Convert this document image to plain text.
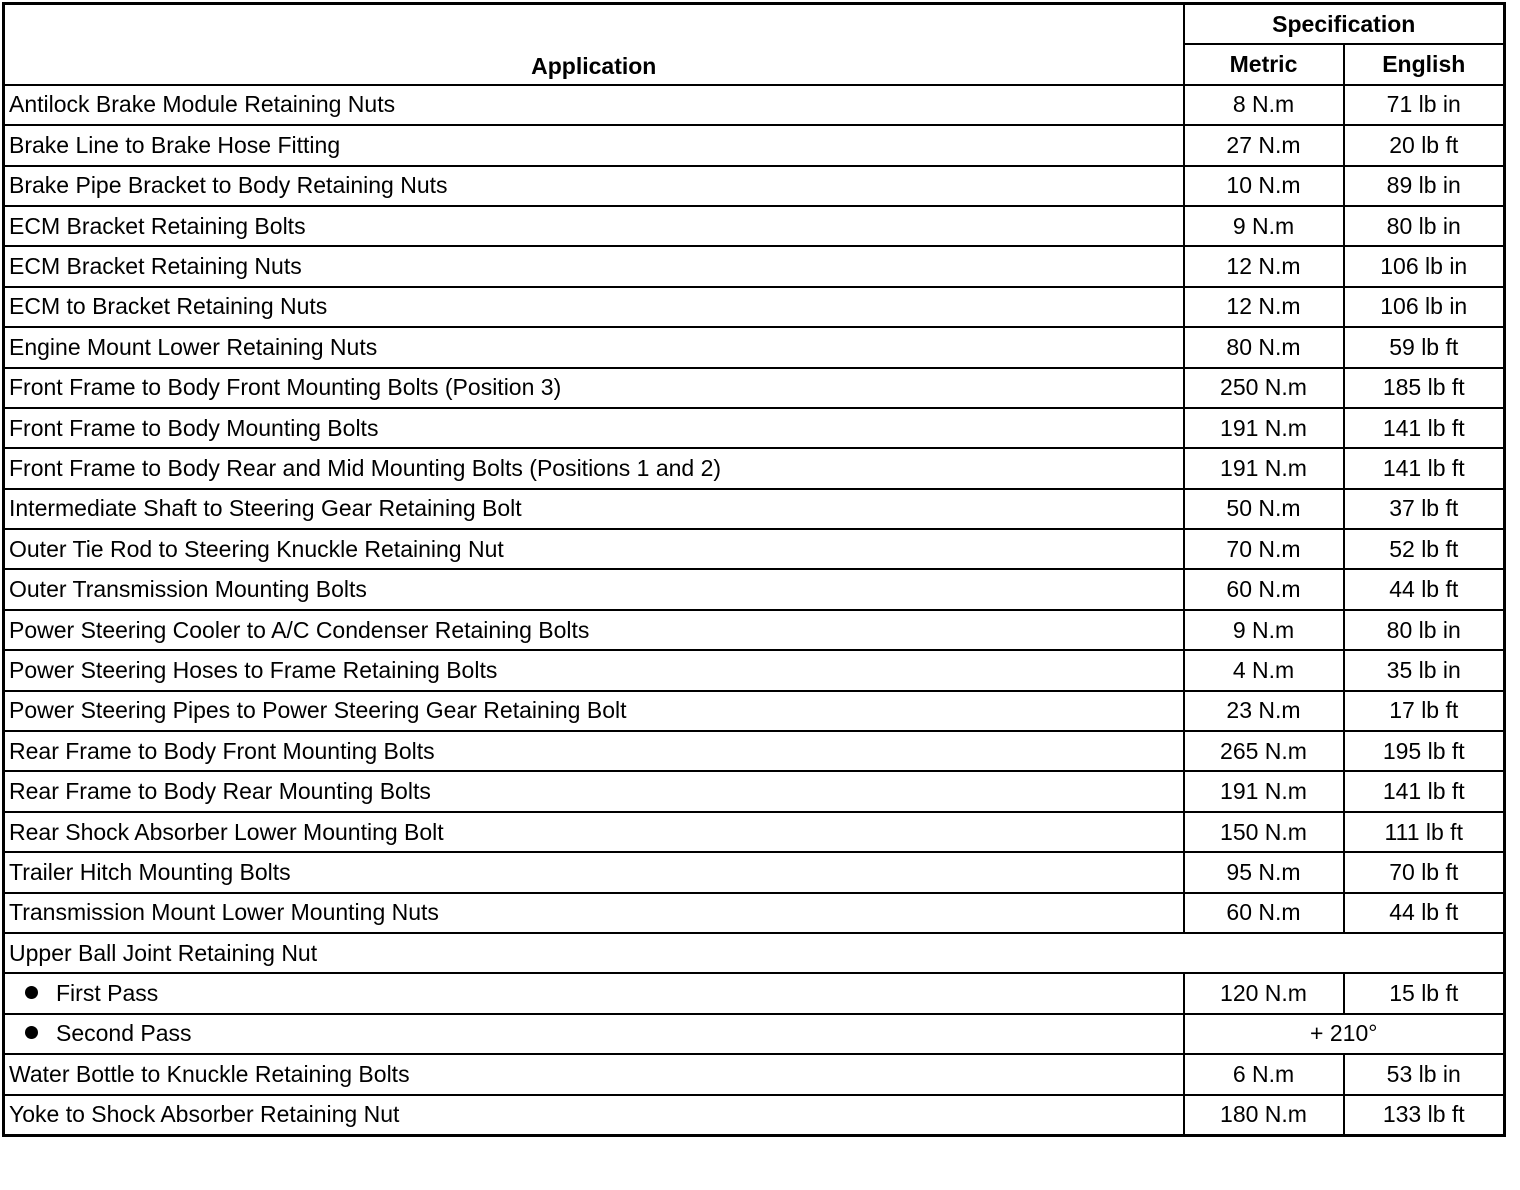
Application	Specification	
	Metric	English
Antilock Brake Module Retaining Nuts	8 N.m	71 lb in
Brake Line to Brake Hose Fitting	27 N.m	20 lb ft
Brake Pipe Bracket to Body Retaining Nuts	10 N.m	89 lb in
ECM Bracket Retaining Bolts	9 N.m	80 lb in
ECM Bracket Retaining Nuts	12 N.m	106 lb in
ECM to Bracket Retaining Nuts	12 N.m	106 lb in
Engine Mount Lower Retaining Nuts	80 N.m	59 lb ft
Front Frame to Body Front Mounting Bolts (Position 3)	250 N.m	185 lb ft
Front Frame to Body Mounting Bolts	191 N.m	141 lb ft
Front Frame to Body Rear and Mid Mounting Bolts (Positions 1 and 2)	191 N.m	141 lb ft
Intermediate Shaft to Steering Gear Retaining Bolt	50 N.m	37 lb ft
Outer Tie Rod to Steering Knuckle Retaining Nut	70 N.m	52 lb ft
Outer Transmission Mounting Bolts	60 N.m	44 lb ft
Power Steering Cooler to A/C Condenser Retaining Bolts	9 N.m	80 lb in
Power Steering Hoses to Frame Retaining Bolts	4 N.m	35 lb in
Power Steering Pipes to Power Steering Gear Retaining Bolt	23 N.m	17 lb ft
Rear Frame to Body Front Mounting Bolts	265 N.m	195 lb ft
Rear Frame to Body Rear Mounting Bolts	191 N.m	141 lb ft
Rear Shock Absorber Lower Mounting Bolt	150 N.m	111 lb ft
Trailer Hitch Mounting Bolts	95 N.m	70 lb ft
Transmission Mount Lower Mounting Nuts	60 N.m	44 lb ft
Upper Ball Joint Retaining Nut		
First Pass	120 N.m	15 lb ft
Second Pass	+ 210°	
Water Bottle to Knuckle Retaining Bolts	6 N.m	53 lb in
Yoke to Shock Absorber Retaining Nut	180 N.m	133 lb ft
